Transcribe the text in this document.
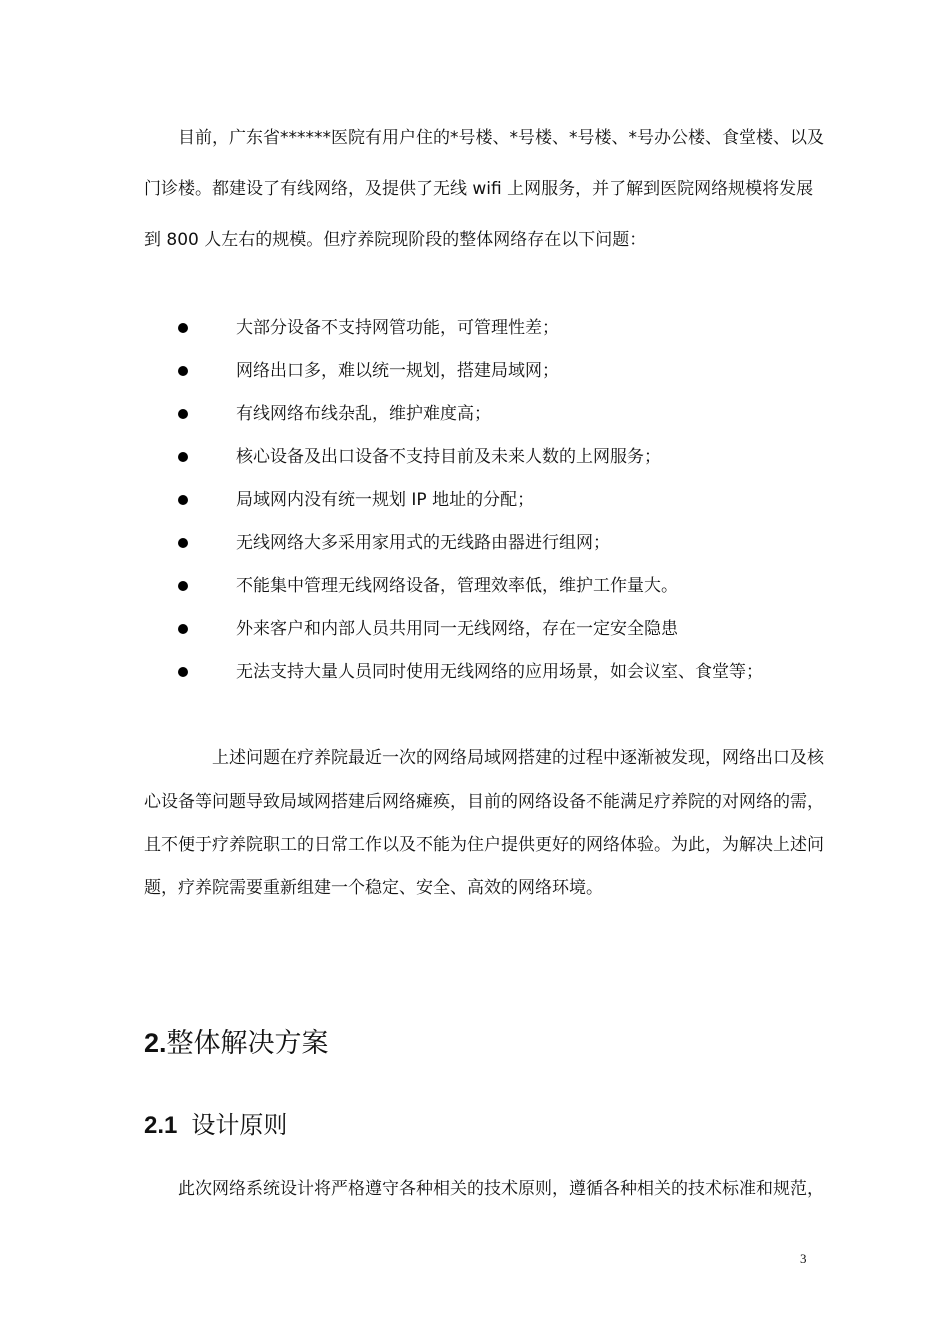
目前，广东省******医院有用户住的*号楼、*号楼、*号楼、*号办公楼、食堂楼、以及
门诊楼。都建设了有线网络，及提供了无线 wifi 上网服务，并了解到医院网络规模将发展
到 800 人左右的规模。但疗养院现阶段的整体网络存在以下问题：
大部分设备不支持网管功能，可管理性差；
网络出口多，难以统一规划，搭建局域网；
有线网络布线杂乱，维护难度高；
核心设备及出口设备不支持目前及未来人数的上网服务；
局域网内没有统一规划 IP 地址的分配；
无线网络大多采用家用式的无线路由器进行组网；
不能集中管理无线网络设备，管理效率低，维护工作量大。
外来客户和内部人员共用同一无线网络，存在一定安全隐患
无法支持大量人员同时使用无线网络的应用场景，如会议室、食堂等；
上述问题在疗养院最近一次的网络局域网搭建的过程中逐渐被发现，网络出口及核
心设备等问题导致局域网搭建后网络瘫痪，目前的网络设备不能满足疗养院的对网络的需，
且不便于疗养院职工的日常工作以及不能为住户提供更好的网络体验。为此，为解决上述问
题，疗养院需要重新组建一个稳定、安全、高效的网络环境。
2.整体解决方案
2.1 设计原则
此次网络系统设计将严格遵守各种相关的技术原则，遵循各种相关的技术标准和规范，
3
